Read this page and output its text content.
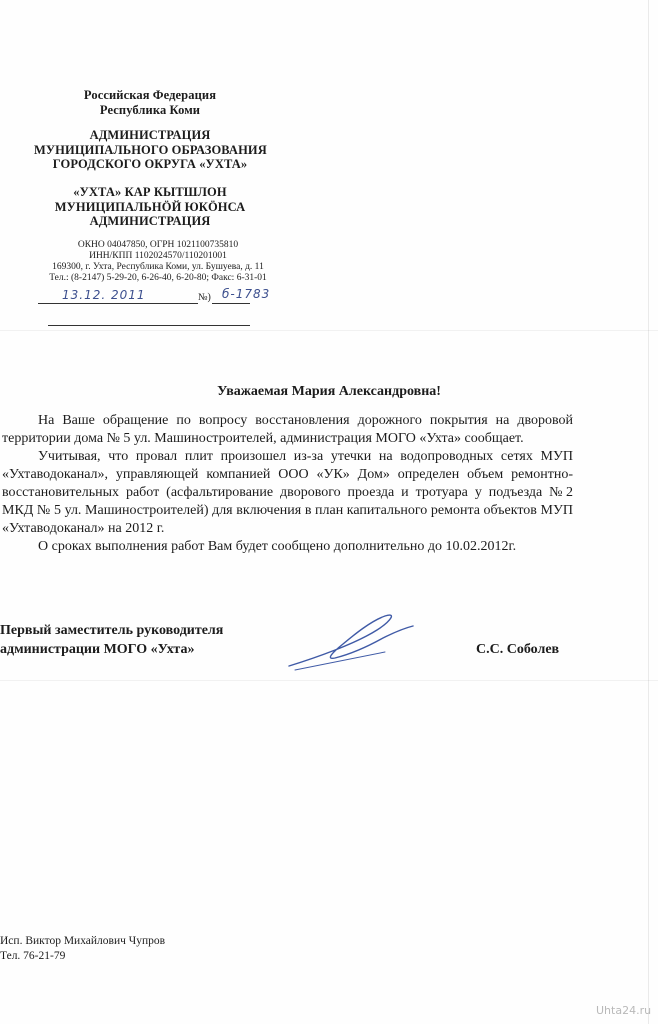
Российская Федерация
Республика Коми
АДМИНИСТРАЦИЯ
МУНИЦИПАЛЬНОГО ОБРАЗОВАНИЯ
ГОРОДСКОГО ОКРУГА «УХТА»
«УХТА» КАР КЫТШЛОН
МУНИЦИПАЛЬНӦЙ ЮКӦНСА
АДМИНИСТРАЦИЯ
ОКНО 04047850, ОГРН 1021100735810
ИНН/КПП 1102024570/110201001
169300, г. Ухта, Республика Коми, ул. Бушуева, д. 11
Тел.: (8-2147) 5-29-20, 6-26-40, 6-20-80; Факс: 6-31-01
13.12. 2011	№) б-1783
Уважаемая Мария Александровна!

На Ваше обращение по вопросу восстановления дорожного покрытия на дворовой территории дома № 5 ул. Машиностроителей, администрация МОГО «Ухта» сообщает.

Учитывая, что провал плит произошел из-за утечки на водопроводных сетях МУП «Ухтаводоканал», управляющей компанией ООО «УК» Дом» определен объем ремонтно-восстановительных работ (асфальтирование дворового проезда и тротуара у подъезда №2 МКД № 5 ул. Машиностроителей) для включения в план капитального ремонта объектов МУП «Ухтаводоканал» на 2012 г.

О сроках выполнения работ Вам будет сообщено дополнительно до 10.02.2012г.

Первый заместитель руководителя
администрации МОГО «Ухта»	С.С. Соболев
Исп. Виктор Михайлович Чупров
Тел. 76-21-79
Uhta24.ru
